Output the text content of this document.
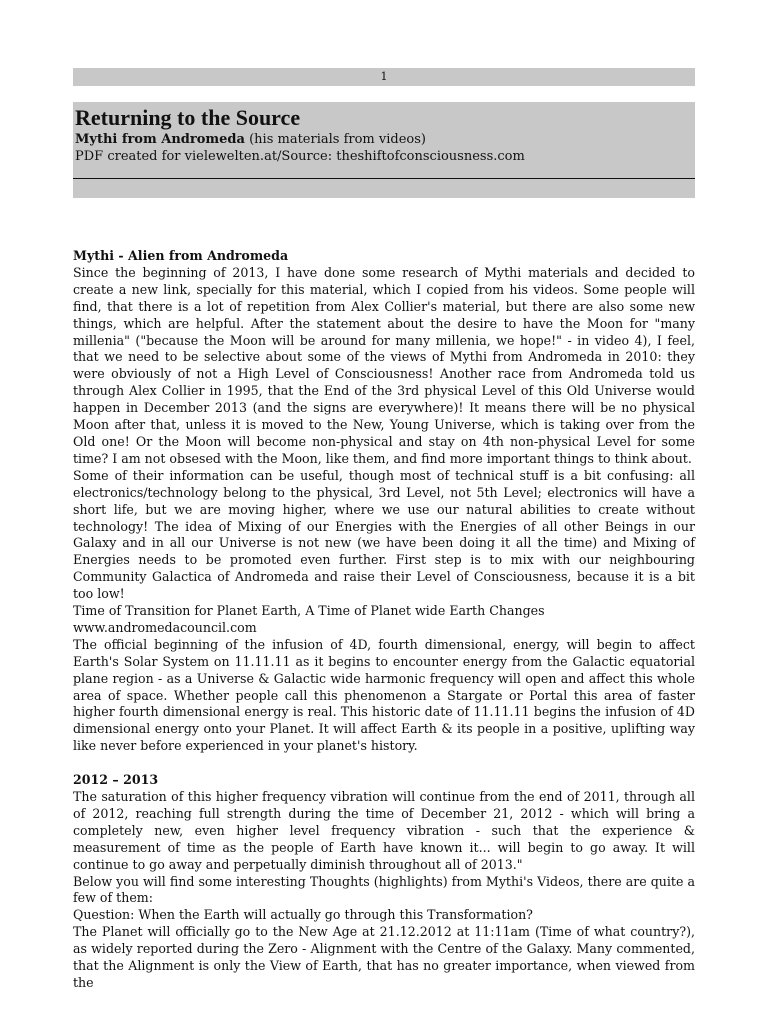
1
Returning to the Source
Mythi from Andromeda (his materials from videos)
PDF created for vielewelten.at/Source: theshiftofconsciousness.com

Mythi - Alien from Andromeda

Since the beginning of 2013, I have done some research of Mythi materials and decided to create a new link, specially for this material, which I copied from his videos. Some people will find, that there is a lot of repetition from Alex Collier's material, but there are also some new things, which are helpful. After the statement about the desire to have the Moon for "many millenia" ("because the Moon will be around for many millenia, we hope!" - in video 4), I feel, that we need to be selective about some of the views of Mythi from Andromeda in 2010: they were obviously of not a High Level of Consciousness! Another race from Andromeda told us through Alex Collier in 1995, that the End of the 3rd physical Level of this Old Universe would happen in December 2013 (and the signs are everywhere)! It means there will be no physical Moon after that, unless it is moved to the New, Young Universe, which is taking over from the Old one! Or the Moon will become non-physical and stay on 4th non-physical Level for some time? I am not obsesed with the Moon, like them, and find more important things to think about.

Some of their information can be useful, though most of technical stuff is a bit confusing: all electronics/technology belong to the physical, 3rd Level, not 5th Level; electronics will have a short life, but we are moving higher, where we use our natural abilities to create without technology! The idea of Mixing of our Energies with the Energies of all other Beings in our Galaxy and in all our Universe is not new (we have been doing it all the time) and Mixing of Energies needs to be promoted even further. First step is to mix with our neighbouring Community Galactica of Andromeda and raise their Level of Consciousness, because it is a bit too low!

Time of Transition for Planet Earth, A Time of Planet wide Earth Changes

www.andromedacouncil.com

The official beginning of the infusion of 4D, fourth dimensional, energy, will begin to affect Earth's Solar System on 11.11.11 as it begins to encounter energy from the Galactic equatorial plane region - as a Universe & Galactic wide harmonic frequency will open and affect this whole area of space. Whether people call this phenomenon a Stargate or Portal this area of faster higher fourth dimensional energy is real. This historic date of 11.11.11 begins the infusion of 4D dimensional energy onto your Planet. It will affect Earth & its people in a positive, uplifting way like never before experienced in your planet's history.

2012 – 2013

The saturation of this higher frequency vibration will continue from the end of 2011, through all of 2012, reaching full strength during the time of December 21, 2012 - which will bring a completely new, even higher level frequency vibration - such that the experience & measurement of time as the people of Earth have known it... will begin to go away. It will continue to go away and perpetually diminish throughout all of 2013."

Below you will find some interesting Thoughts (highlights) from Mythi's Videos, there are quite a few of them:

Question: When the Earth will actually go through this Transformation?

The Planet will officially go to the New Age at 21.12.2012 at 11:11am (Time of what country?), as widely reported during the Zero - Alignment with the Centre of the Galaxy. Many commented, that the Alignment is only the View of Earth, that has no greater importance, when viewed from the
